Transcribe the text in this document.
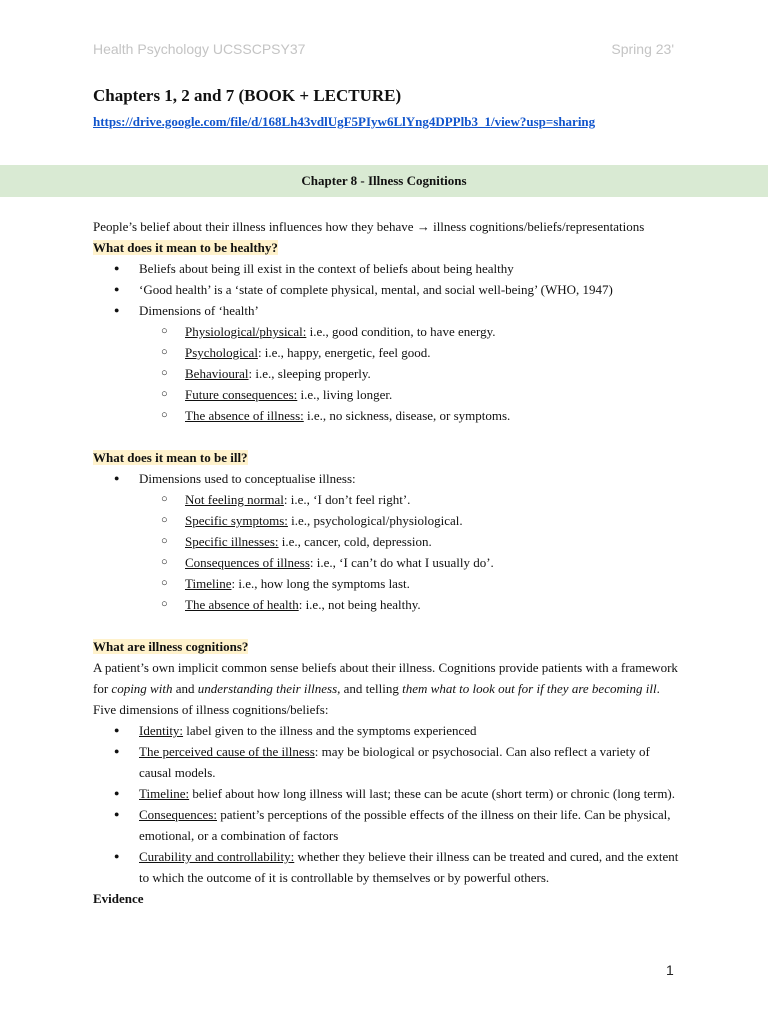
Health Psychology UCSSCPSY37	Spring 23'
Chapters 1, 2 and 7 (BOOK + LECTURE)
https://drive.google.com/file/d/168Lh43vdlUgF5PIyw6LlYng4DPPlb3_1/view?usp=sharing
Chapter 8 - Illness Cognitions

People’s belief about their illness influences how they behave → illness cognitions/beliefs/representations

What does it mean to be healthy?

● Beliefs about being ill exist in the context of beliefs about being healthy
● ‘Good health’ is a ‘state of complete physical, mental, and social well-being’ (WHO, 1947)
● Dimensions of ‘health’
○ Physiological/physical: i.e., good condition, to have energy.
○ Psychological: i.e., happy, energetic, feel good.
○ Behavioural: i.e., sleeping properly.
○ Future consequences: i.e., living longer.
○ The absence of illness: i.e., no sickness, disease, or symptoms.

What does it mean to be ill?

● Dimensions used to conceptualise illness:
○ Not feeling normal: i.e., ‘I don’t feel right’.
○ Specific symptoms: i.e., psychological/physiological.
○ Specific illnesses: i.e., cancer, cold, depression.
○ Consequences of illness: i.e., ‘I can’t do what I usually do’.
○ Timeline: i.e., how long the symptoms last.
○ The absence of health: i.e., not being healthy.

What are illness cognitions?

A patient’s own implicit common sense beliefs about their illness. Cognitions provide patients with a framework for coping with and understanding their illness, and telling them what to look out for if they are becoming ill.

Five dimensions of illness cognitions/beliefs:

● Identity: label given to the illness and the symptoms experienced
● The perceived cause of the illness: may be biological or psychosocial. Can also reflect a variety of causal models.
● Timeline: belief about how long illness will last; these can be acute (short term) or chronic (long term).
● Consequences: patient’s perceptions of the possible effects of the illness on their life. Can be physical, emotional, or a combination of factors
● Curability and controllability: whether they believe their illness can be treated and cured, and the extent to which the outcome of it is controllable by themselves or by powerful others.

Evidence

1
